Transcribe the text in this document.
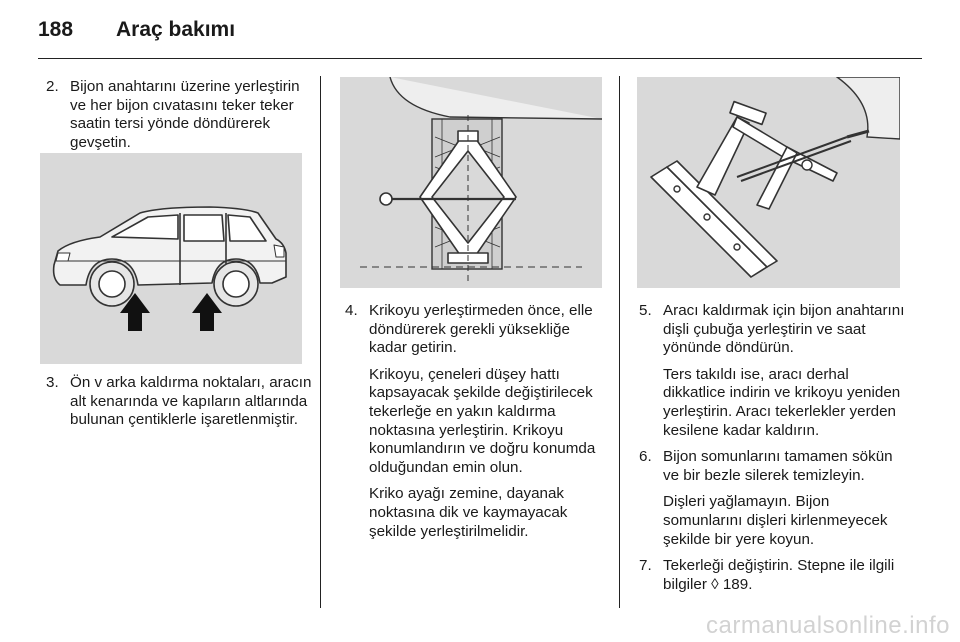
188	Araç bakımı
2. Bijon anahtarını üzerine yerleştirin ve her bijon cıvatasını teker teker saatin tersi yönde döndürerek gevşetin.
3. Ön v arka kaldırma noktaları, aracın alt kenarında ve kapıların altlarında bulunan çentiklerle işaretlenmiştir.
4. Krikoyu yerleştirmeden önce, elle döndürerek gerekli yüksekliğe kadar getirin.

Krikoyu, çeneleri düşey hattı kapsayacak şekilde değiştirilecek tekerleğe en yakın kaldırma noktasına yerleştirin. Krikoyu konumlandırın ve doğru konumda olduğundan emin olun.

Kriko ayağı zemine, dayanak noktasına dik ve kaymayacak şekilde yerleştirilmelidir.

5. Aracı kaldırmak için bijon anahtarını dişli çubuğa yerleştirin ve saat yönünde döndürün.

Ters takıldı ise, aracı derhal dikkatlice indirin ve krikoyu yeniden yerleştirin. Aracı tekerlekler yerden kesilene kadar kaldırın.

6. Bijon somunlarını tamamen sökün ve bir bezle silerek temizleyin.

Dişleri yağlamayın. Bijon somunlarını dişleri kirlenmeyecek şekilde bir yere koyun.

7. Tekerleği değiştirin. Stepne ile ilgili bilgiler ◊ 189.
carmanualsonline.info
